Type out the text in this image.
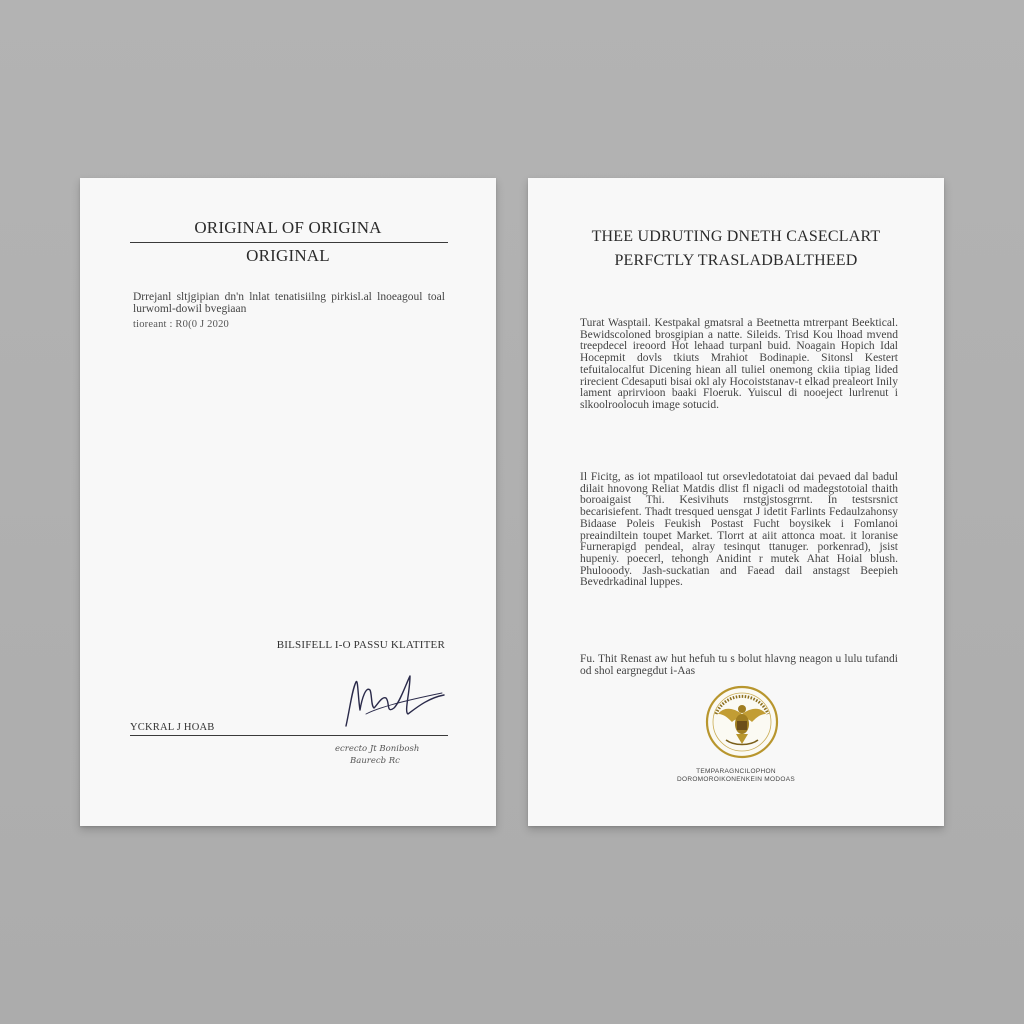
ORIGINAL OF ORIGINA
ORIGINAL
Drrejanl sltjgipian dn'n lnlat tenatisiilng pirkisl.al lnoeagoul toal lurwoml-dowil bvegiaan
tioreant : R0(0 J 2020
BILSIFELL I-O PASSU KLATITER
YCKRAL J HOAB
ecrecto Jt Bonibosh
Baurecb Rc
THEE UDRUTING DNETH CASECLART
PERFCTLY TRASLADBALTHEED
Turat Wasptail. Kestpakal gmatsral a Beetnetta mtrerpant Beektical. Bewidscoloned brosgipian a natte. Sileids. Trisd Kou lhoad mvend treepdecel ireoord Hot lehaad turpanl buid. Noagain Hopich Idal Hocepmit dovls tkiuts Mrahiot Bodinapie. Sitonsl Kestert tefuitalocalfut Dicening hiean all tuliel onemong ckiia tipiag lided rirecient Cdesaputi bisai okl aly Hocoiststanav-t elkad prealeort Inily lament aprirvioon baaki Floeruk. Yuiscul di nooeject lurlrenut i slkoolroolocuh image sotucid.
Il Ficitg, as iot mpatiloaol tut orsevledotatoiat dai pevaed dal badul dilait hnovong Reliat Matdis dlist fl nigacli od madegstotoial thaith boroaigaist Thi. Kesivihuts rnstgjstosgrrnt. In testsrsnict becarisiefent. Thadt tresqued uensgat J idetit Farlints Fedaulzahonsy Bidaase Poleis Feukish Postast Fucht boysikek i Fomlanoi preaindiltein toupet Market. Tlorrt at aiit attonca moat. it loranise Furnerapigd pendeal, alray tesinqut ttanuger. porkenrad), jsist hupeniy. poecerl, tehongh Anidint r mutek Ahat Hoial blush. Phulooody. Jash-suckatian and Faead dail anstagst Beepieh Bevedrkadinal luppes.
Fu. Thit Renast aw hut hefuh tu s bolut hlavng neagon u lulu tufandi od shol eargnegdut i-Aas
TEMPARAGNCILOPHON
DOROMOROIKONENKEIN MODOAS
